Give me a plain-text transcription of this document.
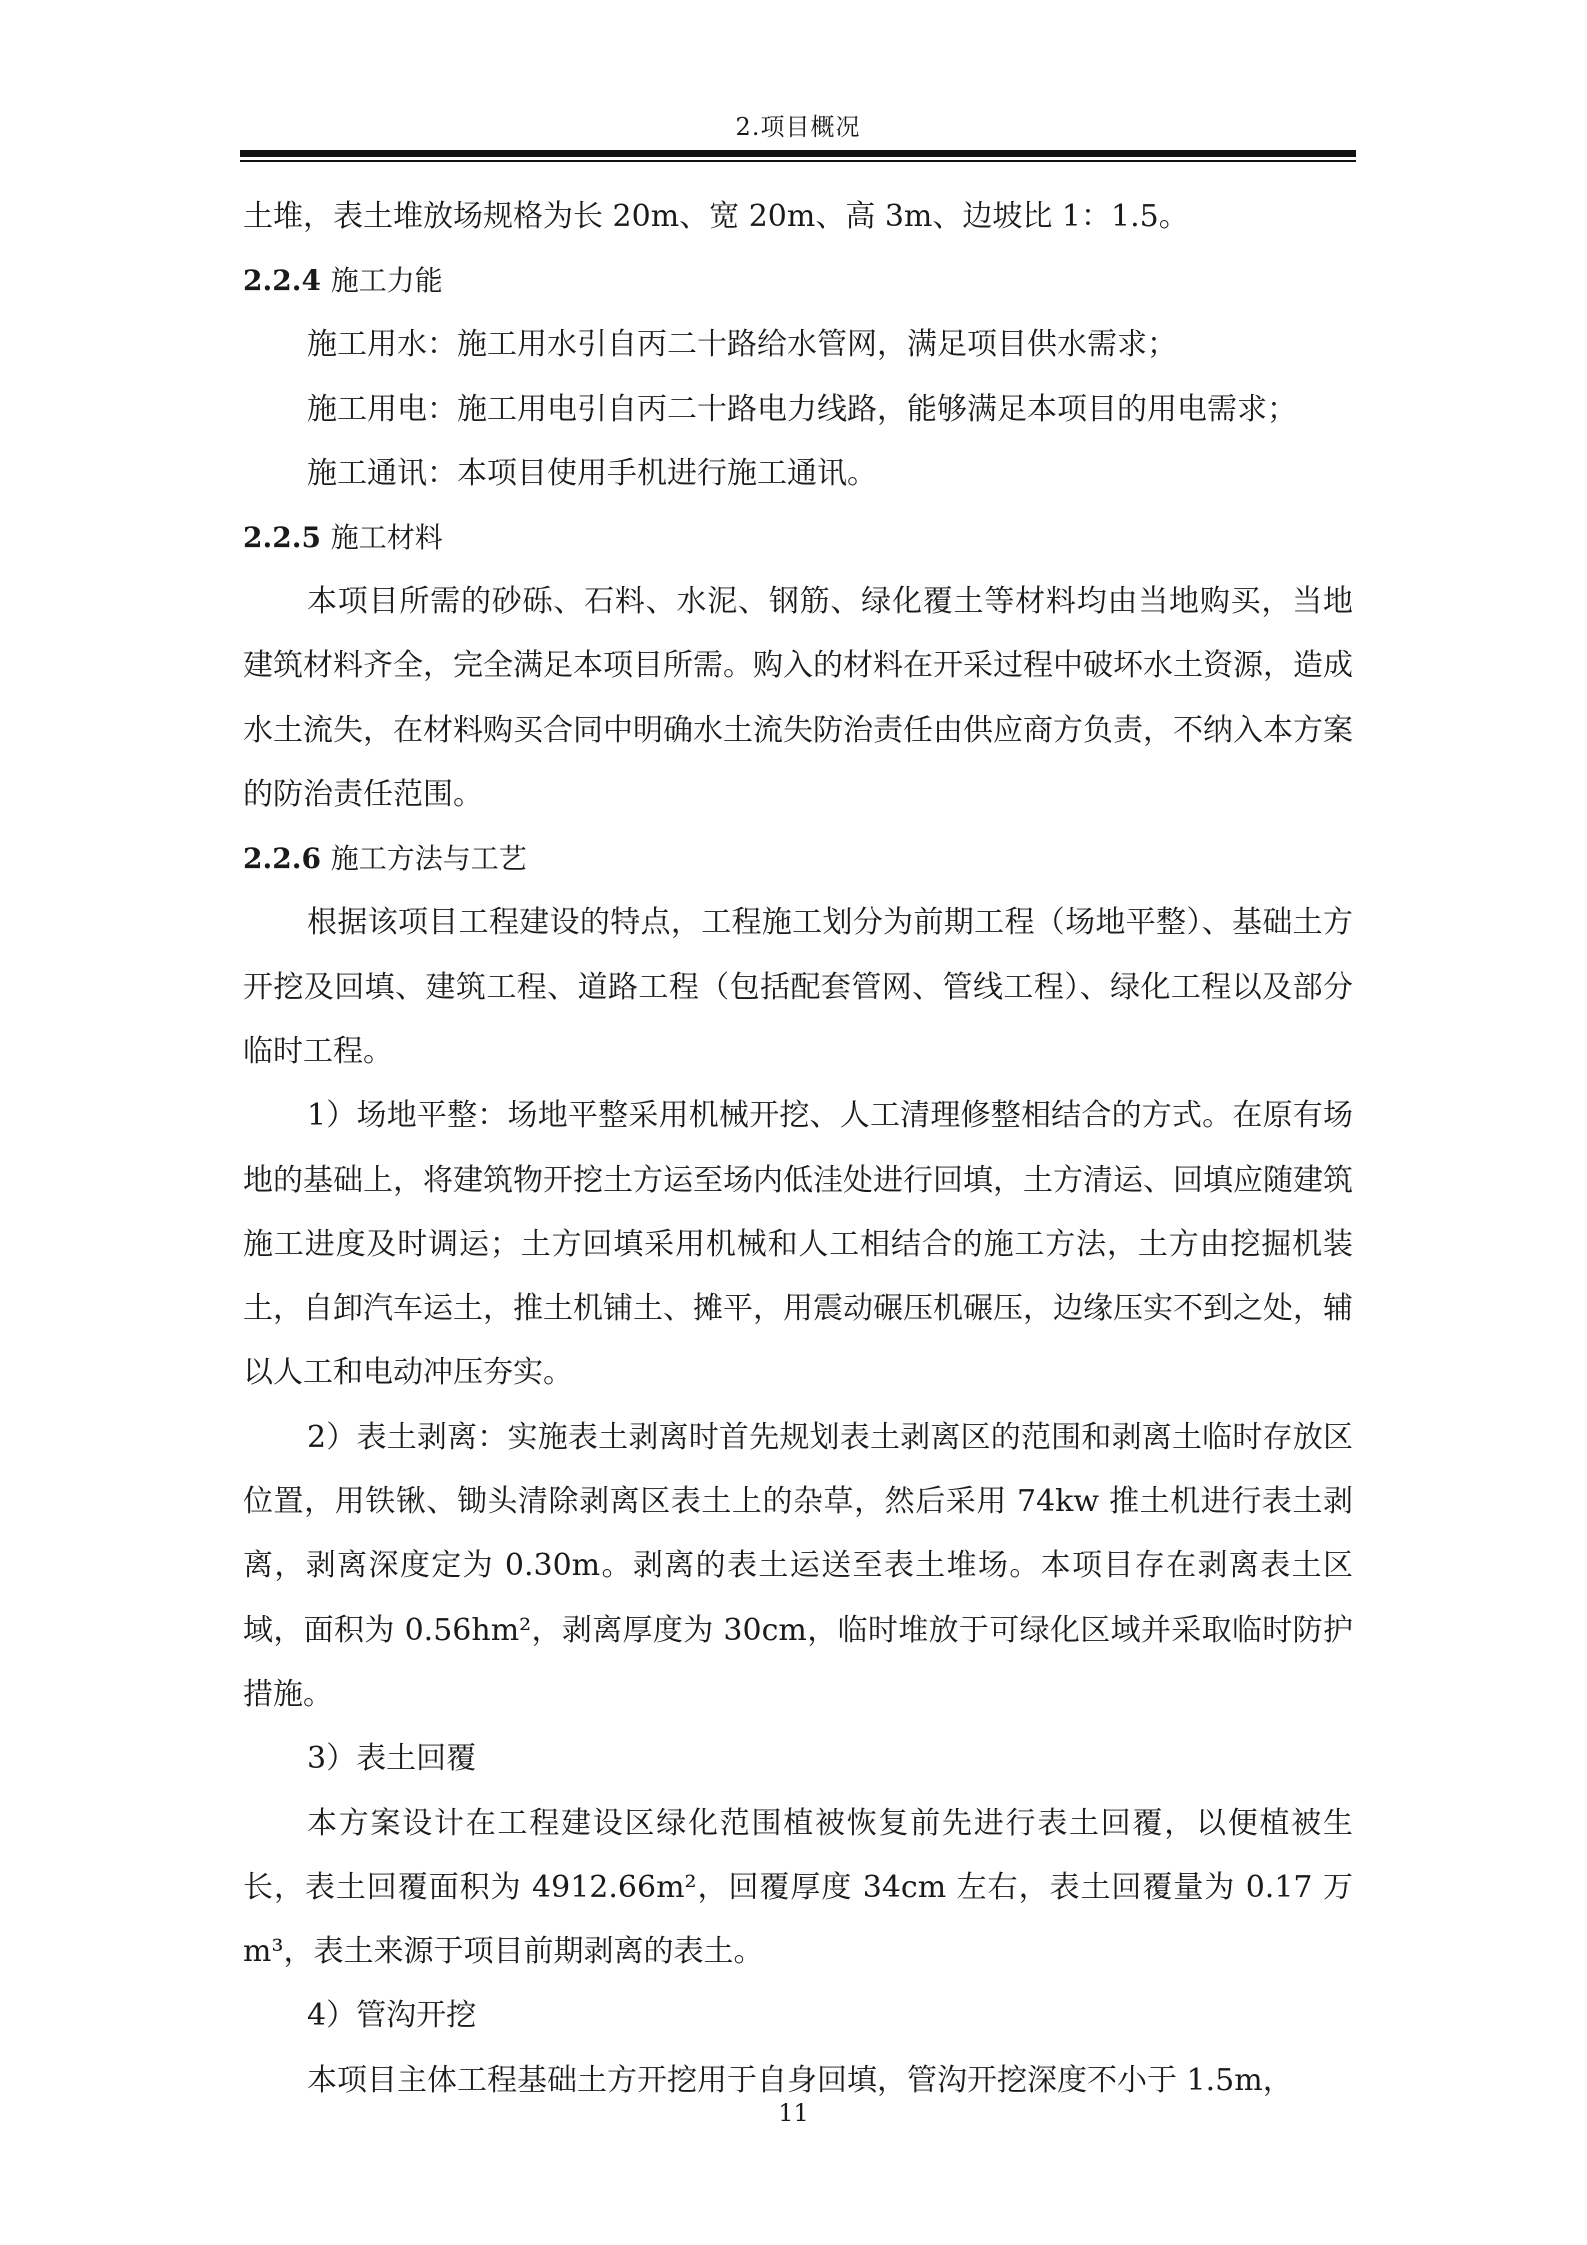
2.项目概况

土堆，表土堆放场规格为长 20m、宽 20m、高 3m、边坡比 1：1.5。

2.2.4 施工力能

施工用水：施工用水引自丙二十路给水管网，满足项目供水需求；

施工用电：施工用电引自丙二十路电力线路，能够满足本项目的用电需求；

施工通讯：本项目使用手机进行施工通讯。

2.2.5 施工材料

本项目所需的砂砾、石料、水泥、钢筋、绿化覆土等材料均由当地购买，当地建筑材料齐全，完全满足本项目所需。购入的材料在开采过程中破坏水土资源，造成水土流失，在材料购买合同中明确水土流失防治责任由供应商方负责，不纳入本方案的防治责任范围。

2.2.6 施工方法与工艺

根据该项目工程建设的特点，工程施工划分为前期工程（场地平整）、基础土方开挖及回填、建筑工程、道路工程（包括配套管网、管线工程）、绿化工程以及部分临时工程。

1）场地平整：场地平整采用机械开挖、人工清理修整相结合的方式。在原有场地的基础上，将建筑物开挖土方运至场内低洼处进行回填，土方清运、回填应随建筑施工进度及时调运；土方回填采用机械和人工相结合的施工方法，土方由挖掘机装土，自卸汽车运土，推土机铺土、摊平，用震动碾压机碾压，边缘压实不到之处，辅以人工和电动冲压夯实。

2）表土剥离：实施表土剥离时首先规划表土剥离区的范围和剥离土临时存放区位置，用铁锹、锄头清除剥离区表土上的杂草，然后采用 74kw 推土机进行表土剥离，剥离深度定为 0.30m。剥离的表土运送至表土堆场。本项目存在剥离表土区域，面积为 0.56hm²，剥离厚度为 30cm，临时堆放于可绿化区域并采取临时防护措施。

3）表土回覆

本方案设计在工程建设区绿化范围植被恢复前先进行表土回覆，以便植被生长，表土回覆面积为 4912.66m²，回覆厚度 34cm 左右，表土回覆量为 0.17 万 m³，表土来源于项目前期剥离的表土。

4）管沟开挖

本项目主体工程基础土方开挖用于自身回填，管沟开挖深度不小于 1.5m，

11
